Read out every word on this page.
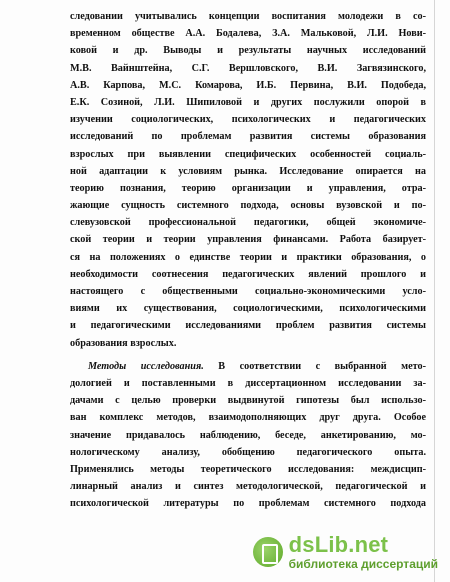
следовании учитывались концепции воспитания молодежи в со-
временном обществе А.А. Бодалева, З.А. Мальковой, Л.И. Нови-
ковой и др. Выводы и результаты научных исследований
М.В. Вайнштейна, С.Г. Вершловского, В.И. Загвязинского,
А.В. Карпова, М.С. Комарова, И.Б. Первина, В.И. Подобеда,
Е.К. Созиной, Л.И. Шипиловой и других послужили опорой в
изучении социологических, психологических и педагогических
исследований по проблемам развития системы образования
взрослых при выявлении специфических особенностей социаль-
ной адаптации к условиям рынка. Исследование опирается на
теорию познания, теорию организации и управления, отра-
жающие сущность системного подхода, основы вузовской и по-
слевузовской профессиональной педагогики, общей экономиче-
ской теории и теории управления финансами. Работа базирует-
ся на положениях о единстве теории и практики образования, о
необходимости соотнесения педагогических явлений прошлого и
настоящего с общественными социально-экономическими усло-
виями их существования, социологическими, психологическими
и педагогическими исследованиями проблем развития системы
образования взрослых.
Методы исследования. В соответствии с выбранной мето-
дологией и поставленными в диссертационном исследовании за-
дачами с целью проверки выдвинутой гипотезы был использо-
ван комплекс методов, взаимодополняющих друг друга. Особое
значение придавалось наблюдению, беседе, анкетированию, мо-
нологическому анализу, обобщению педагогического опыта.
Применялись методы теоретического исследования: междисцип-
линарный анализ и синтез методологической, педагогической и
психологической литературы по проблемам системного подхода
dsLib.net
библиотека диссертаций
